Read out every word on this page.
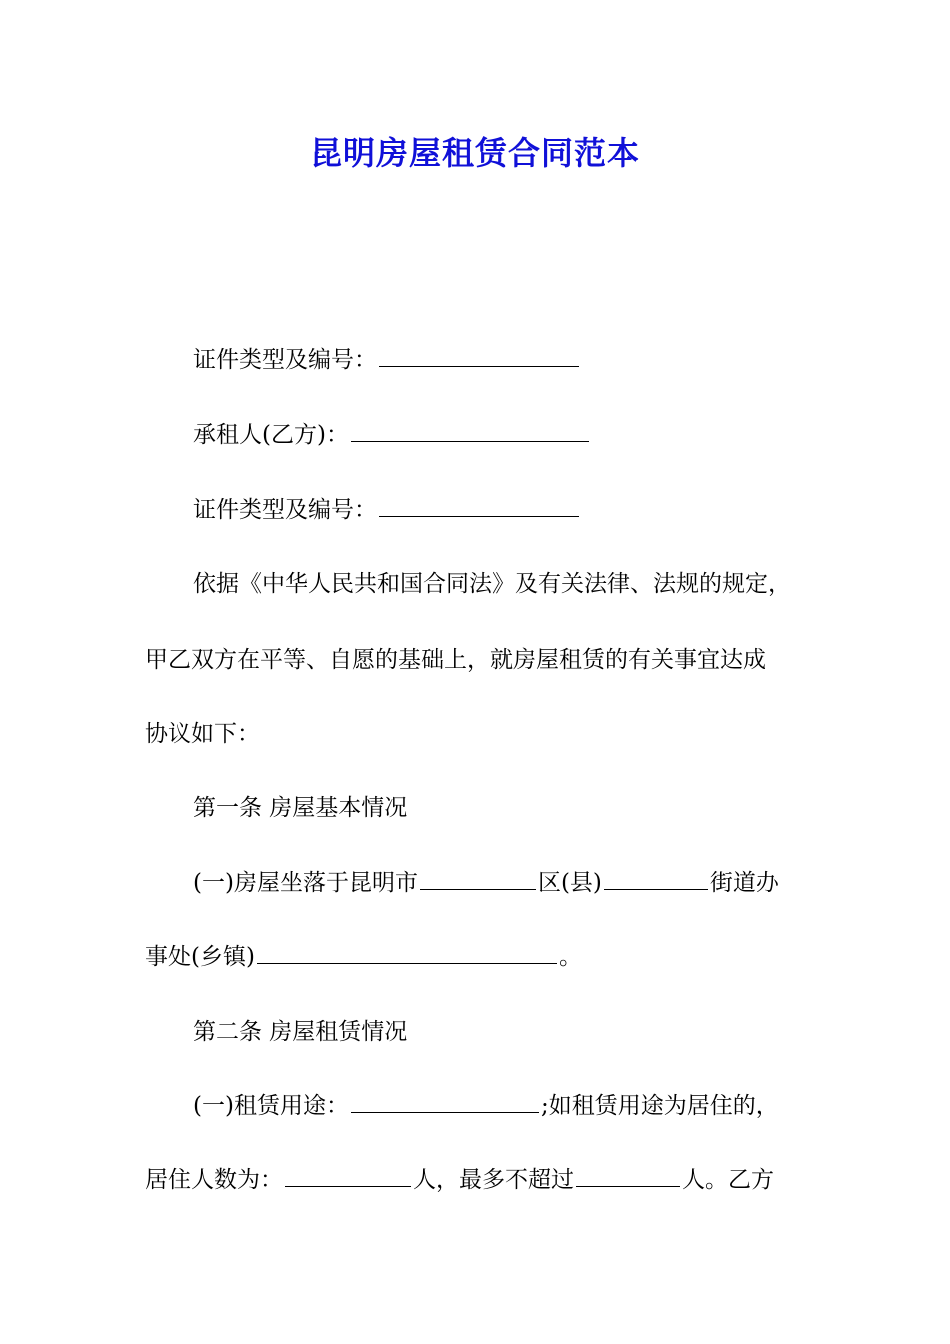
昆明房屋租赁合同范本
证件类型及编号：
承租人(乙方)：
证件类型及编号：
依据《中华人民共和国合同法》及有关法律、法规的规定，
甲乙双方在平等、自愿的基础上，就房屋租赁的有关事宜达成
协议如下：
第一条 房屋基本情况
(一)房屋坐落于昆明市	区(县)	街道办
事处(乡镇)	。
第二条 房屋租赁情况
(一)租赁用途：	;如租赁用途为居住的，
居住人数为：	人，最多不超过	人。乙方
